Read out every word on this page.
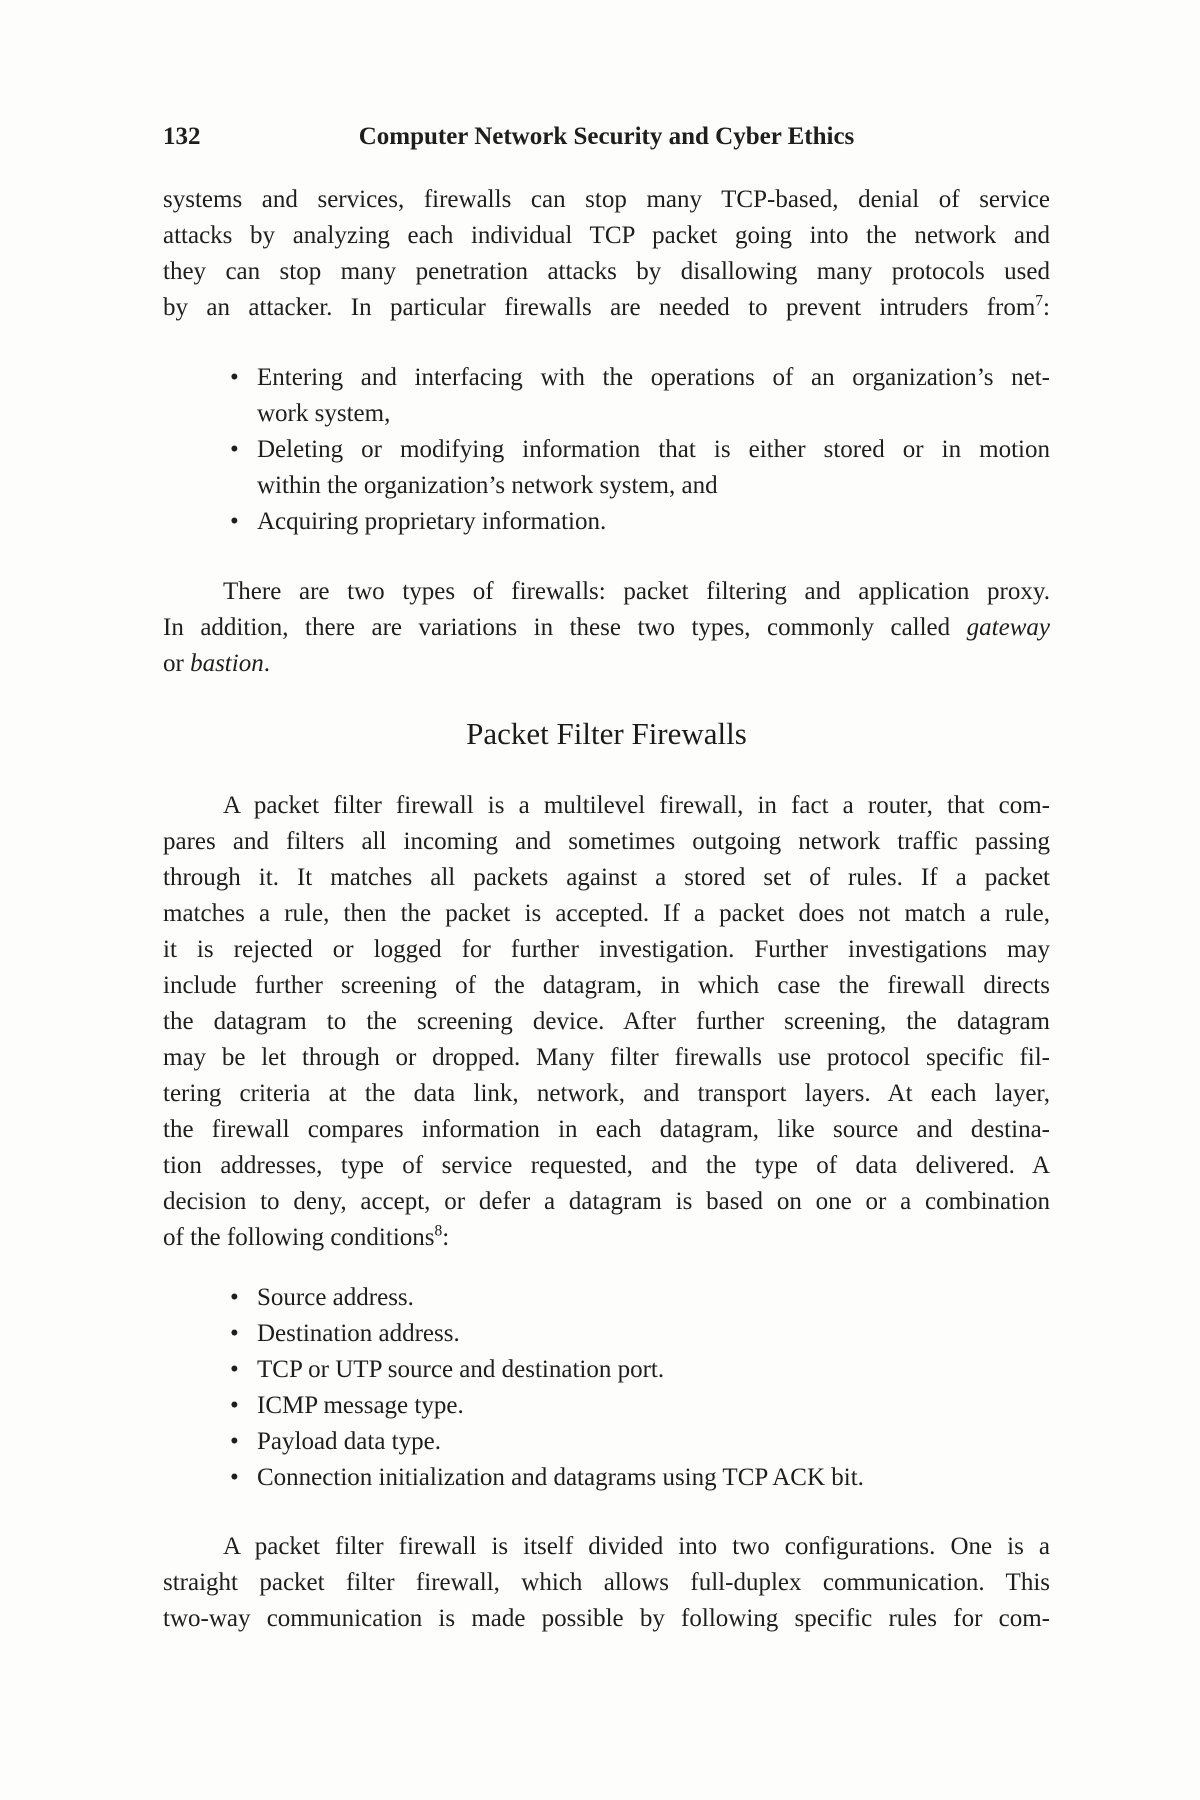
132	Computer Network Security and Cyber Ethics
systems and services, firewalls can stop many TCP-based, denial of service
attacks by analyzing each individual TCP packet going into the network and
they can stop many penetration attacks by disallowing many protocols used
by an attacker. In particular firewalls are needed to prevent intruders from$^7$:
• Entering and interfacing with the operations of an organization’s net-
work system,
• Deleting or modifying information that is either stored or in motion
within the organization’s network system, and
• Acquiring proprietary information.
There are two types of firewalls: packet filtering and application proxy.
In addition, there are variations in these two types, commonly called gateway
or bastion.
Packet Filter Firewalls
A packet filter firewall is a multilevel firewall, in fact a router, that com-
pares and filters all incoming and sometimes outgoing network traffic passing
through it. It matches all packets against a stored set of rules. If a packet
matches a rule, then the packet is accepted. If a packet does not match a rule,
it is rejected or logged for further investigation. Further investigations may
include further screening of the datagram, in which case the firewall directs
the datagram to the screening device. After further screening, the datagram
may be let through or dropped. Many filter firewalls use protocol specific fil-
tering criteria at the data link, network, and transport layers. At each layer,
the firewall compares information in each datagram, like source and destina-
tion addresses, type of service requested, and the type of data delivered. A
decision to deny, accept, or defer a datagram is based on one or a combination
of the following conditions$^8$:
• Source address.
• Destination address.
• TCP or UTP source and destination port.
• ICMP message type.
• Payload data type.
• Connection initialization and datagrams using TCP ACK bit.
A packet filter firewall is itself divided into two configurations. One is a
straight packet filter firewall, which allows full-duplex communication. This
two-way communication is made possible by following specific rules for com-
